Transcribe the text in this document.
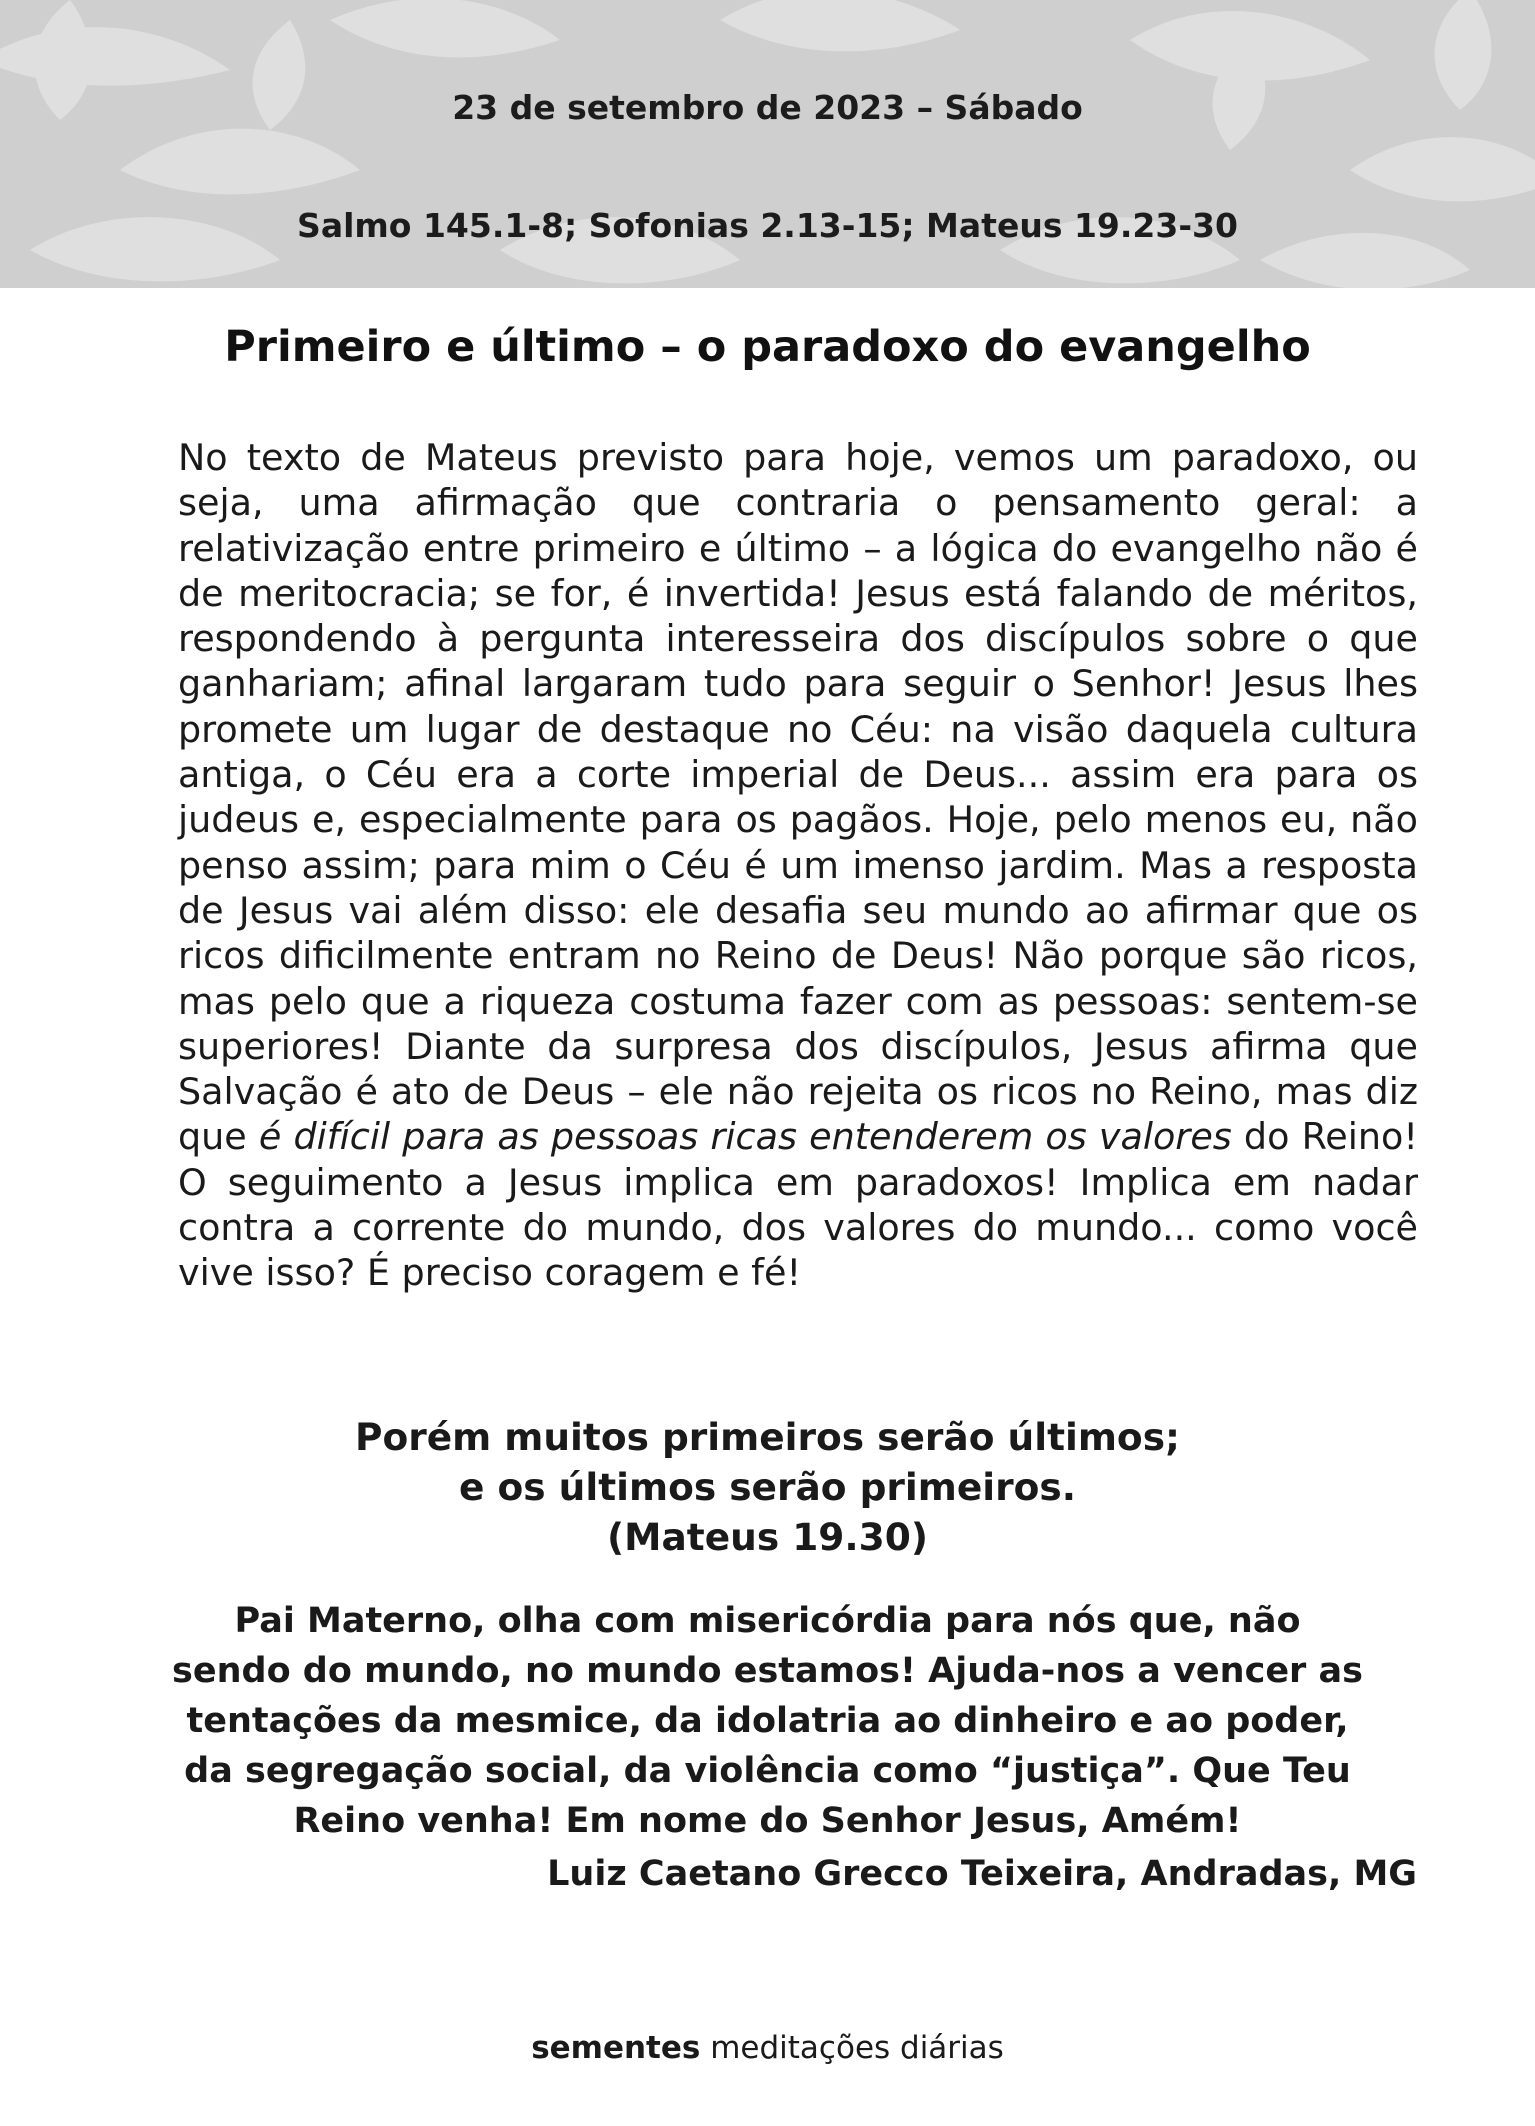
23 de setembro de 2023 – Sábado
Salmo 145.1-8; Sofonias 2.13-15; Mateus 19.23-30
Primeiro e último – o paradoxo do evangelho

No texto de Mateus previsto para hoje, vemos um paradoxo, ou seja, uma afirmação que contraria o pensamento geral: a relativização entre primeiro e último – a lógica do evangelho não é de meritocracia; se for, é invertida! Jesus está falando de méritos, respondendo à pergunta interesseira dos discípulos sobre o que ganhariam; afinal largaram tudo para seguir o Senhor! Jesus lhes promete um lugar de destaque no Céu: na visão daquela cultura antiga, o Céu era a corte imperial de Deus... assim era para os judeus e, especialmente para os pagãos. Hoje, pelo menos eu, não penso assim; para mim o Céu é um imenso jardim. Mas a resposta de Jesus vai além disso: ele desafia seu mundo ao afirmar que os ricos dificilmente entram no Reino de Deus! Não porque são ricos, mas pelo que a riqueza costuma fazer com as pessoas: sentem-se superiores! Diante da surpresa dos discípulos, Jesus afirma que Salvação é ato de Deus – ele não rejeita os ricos no Reino, mas diz que é difícil para as pessoas ricas entenderem os valores do Reino! O seguimento a Jesus implica em paradoxos! Implica em nadar contra a corrente do mundo, dos valores do mundo... como você vive isso? É preciso coragem e fé!

Porém muitos primeiros serão últimos;
e os últimos serão primeiros.
(Mateus 19.30)
Pai Materno, olha com misericórdia para nós que, não sendo do mundo, no mundo estamos! Ajuda-nos a vencer as tentações da mesmice, da idolatria ao dinheiro e ao poder, da segregação social, da violência como “justiça”. Que Teu Reino venha! Em nome do Senhor Jesus, Amém!
Luiz Caetano Grecco Teixeira, Andradas, MG
sementes meditações diárias
